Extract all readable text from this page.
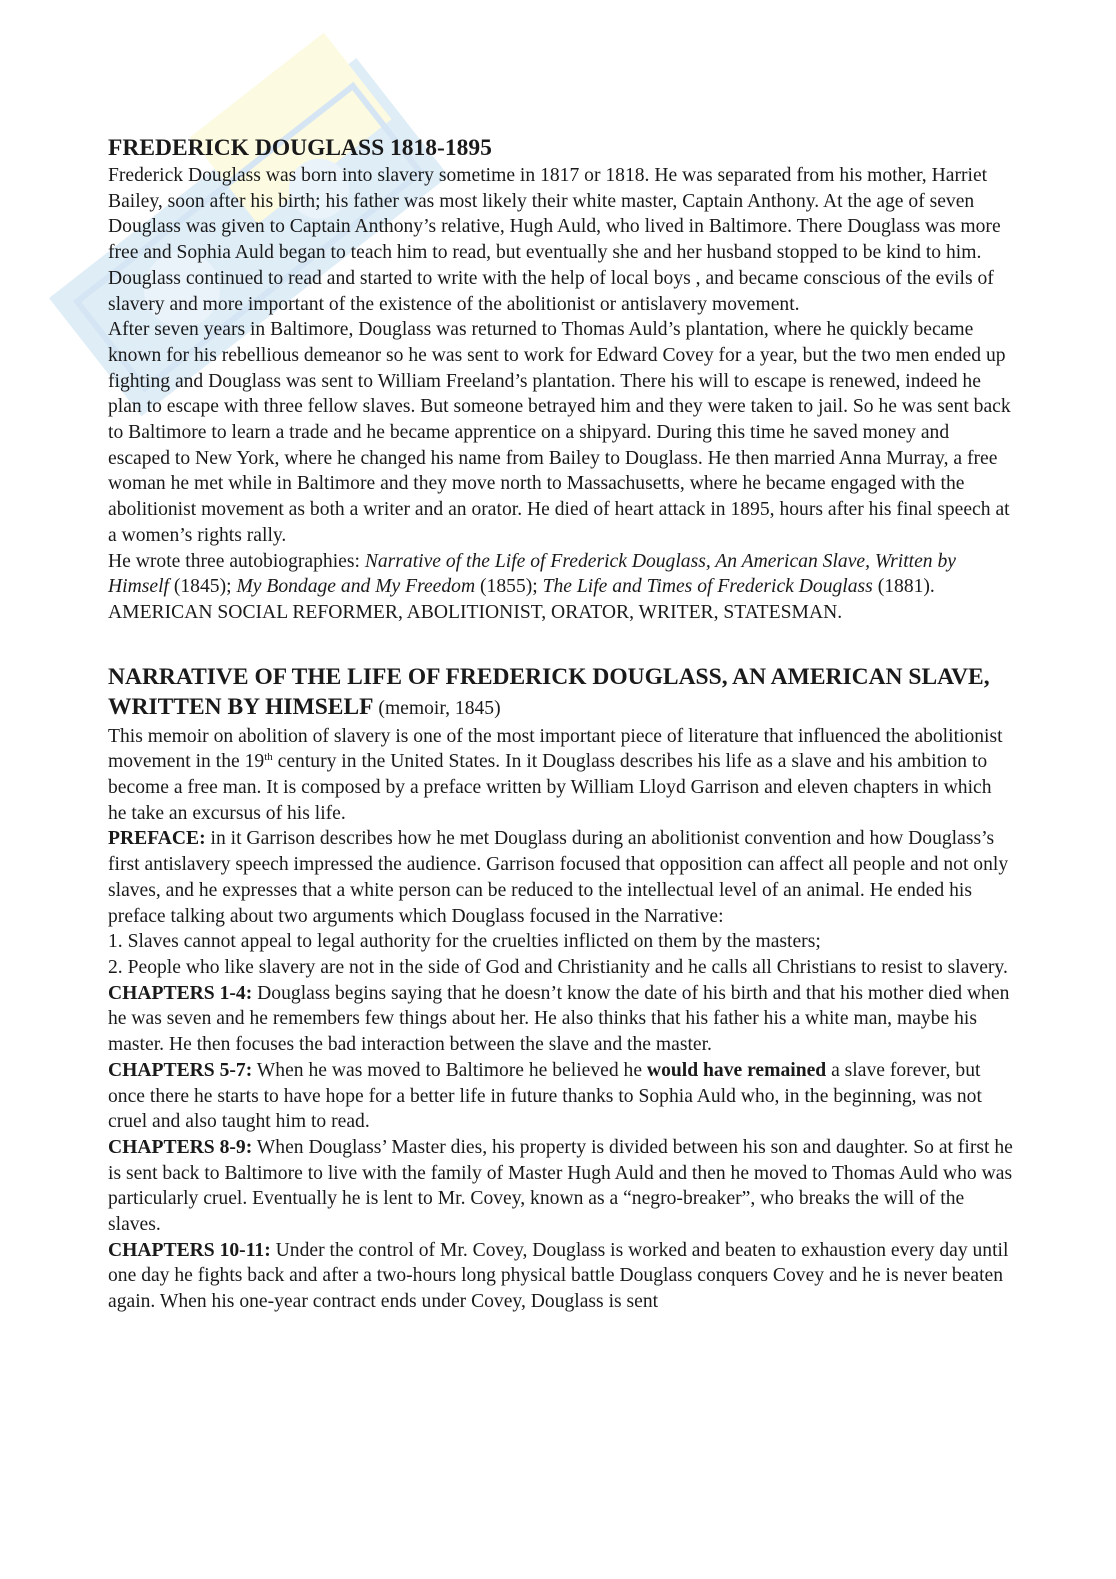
FREDERICK DOUGLASS 1818-1895

Frederick Douglass was born into slavery sometime in 1817 or 1818. He was separated from his mother, Harriet Bailey, soon after his birth; his father was most likely their white master, Captain Anthony. At the age of seven Douglass was given to Captain Anthony’s relative, Hugh Auld, who lived in Baltimore. There Douglass was more free and Sophia Auld began to teach him to read, but eventually she and her husband stopped to be kind to him. Douglass continued to read and started to write with the help of local boys , and became conscious of the evils of slavery and more important of the existence of the abolitionist or antislavery movement.

After seven years in Baltimore, Douglass was returned to Thomas Auld’s plantation, where he quickly became known for his rebellious demeanor so he was sent to work for Edward Covey for a year, but the two men ended up fighting and Douglass was sent to William Freeland’s plantation. There his will to escape is renewed, indeed he plan to escape with three fellow slaves. But someone betrayed him and they were taken to jail. So he was sent back to Baltimore to learn a trade and he became apprentice on a shipyard. During this time he saved money and escaped to New York, where he changed his name from Bailey to Douglass. He then married Anna Murray, a free woman he met while in Baltimore and they move north to Massachusetts, where he became engaged with the abolitionist movement as both a writer and an orator. He died of heart attack in 1895, hours after his final speech at a women’s rights rally.

He wrote three autobiographies: Narrative of the Life of Frederick Douglass, An American Slave, Written by Himself (1845); My Bondage and My Freedom (1855); The Life and Times of Frederick Douglass (1881).

AMERICAN SOCIAL REFORMER, ABOLITIONIST, ORATOR, WRITER, STATESMAN.

NARRATIVE OF THE LIFE OF FREDERICK DOUGLASS, AN AMERICAN SLAVE, WRITTEN BY HIMSELF (memoir, 1845)

This memoir on abolition of slavery is one of the most important piece of literature that influenced the abolitionist movement in the 19th century in the United States. In it Douglass describes his life as a slave and his ambition to become a free man. It is composed by a preface written by William Lloyd Garrison and eleven chapters in which he take an excursus of his life.

PREFACE: in it Garrison describes how he met Douglass during an abolitionist convention and how Douglass’s first antislavery speech impressed the audience. Garrison focused that opposition can affect all people and not only slaves, and he expresses that a white person can be reduced to the intellectual level of an animal. He ended his preface talking about two arguments which Douglass focused in the Narrative:

1. Slaves cannot appeal to legal authority for the cruelties inflicted on them by the masters;

2. People who like slavery are not in the side of God and Christianity and he calls all Christians to resist to slavery.

CHAPTERS 1-4: Douglass begins saying that he doesn’t know the date of his birth and that his mother died when he was seven and he remembers few things about her. He also thinks that his father his a white man, maybe his master. He then focuses the bad interaction between the slave and the master.

CHAPTERS 5-7: When he was moved to Baltimore he believed he would have remained a slave forever, but once there he starts to have hope for a better life in future thanks to Sophia Auld who, in the beginning, was not cruel and also taught him to read.

CHAPTERS 8-9: When Douglass’ Master dies, his property is divided between his son and daughter. So at first he is sent back to Baltimore to live with the family of Master Hugh Auld and then he moved to Thomas Auld who was particularly cruel. Eventually he is lent to Mr. Covey, known as a “negro-breaker”, who breaks the will of the slaves.

CHAPTERS 10-11: Under the control of Mr. Covey, Douglass is worked and beaten to exhaustion every day until one day he fights back and after a two-hours long physical battle Douglass conquers Covey and he is never beaten again. When his one-year contract ends under Covey, Douglass is sent
